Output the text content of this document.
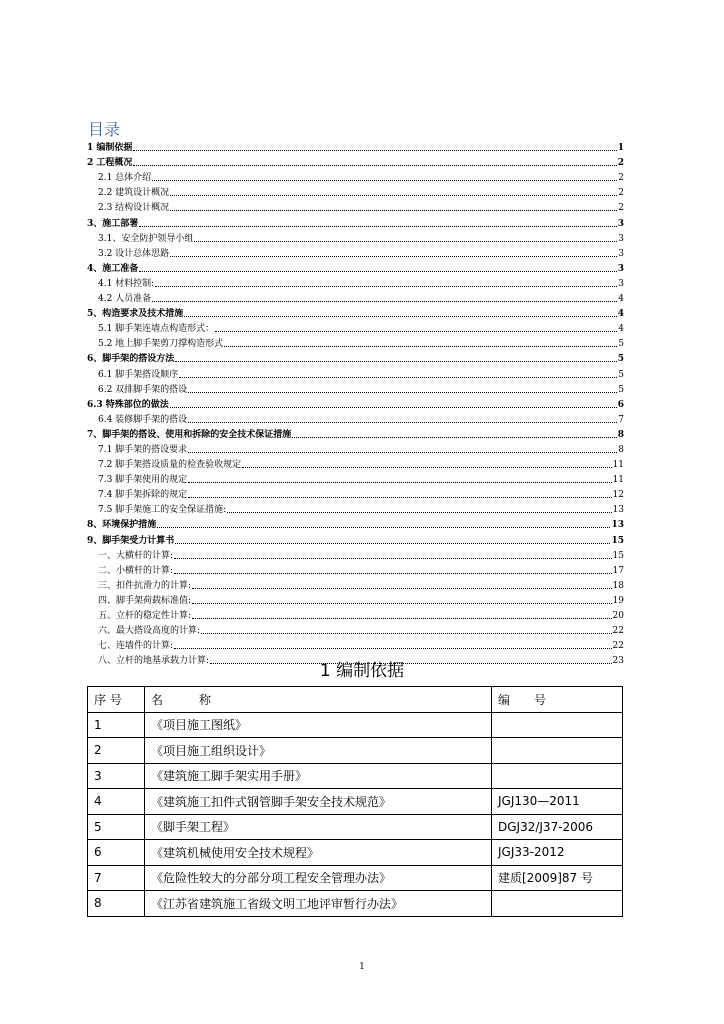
目录
1 编制依据	1
2 工程概况	2
2.1 总体介绍	2
2.2 建筑设计概况	2
2.3 结构设计概况	2
3、施工部署	3
3.1、安全防护领导小组	3
3.2 设计总体思路	3
4、施工准备	3
4.1 材料控制:	3
4.2 人员准备	4
5、构造要求及技术措施	4
5.1 脚手架连墙点构造形式：	4
5.2 地上脚手架剪刀撑构造形式	5
6、脚手架的搭设方法	5
6.1 脚手架搭设顺序	5
6.2 双排脚手架的搭设	5
6.3 特殊部位的做法	6
6.4 装修脚手架的搭设	7
7、脚手架的搭设、使用和拆除的安全技术保证措施	8
7.1 脚手架的搭设要求	8
7.2 脚手架搭设质量的检查验收规定	11
7.3 脚手架使用的规定	11
7.4 脚手架拆除的规定	12
7.5 脚手架施工的安全保证措施:	13
8、环境保护措施	13
9、脚手架受力计算书	15
一、大横杆的计算:	15
二、小横杆的计算:	17
三、扣件抗滑力的计算:	18
四、脚手架荷载标准值:	19
五、立杆的稳定性计算:	20
六、最大搭设高度的计算:	22
七、连墙件的计算:	22
八、立杆的地基承载力计算:	23
1 编制依据
序 号	名　　　称	编　　号
1	《项目施工图纸》	
2	《项目施工组织设计》	
3	《建筑施工脚手架实用手册》	
4	《建筑施工扣件式钢管脚手架安全技术规范》	JGJ130—2011
5	《脚手架工程》	DGJ32/J37-2006
6	《建筑机械使用安全技术规程》	JGJ33-2012
7	《危险性较大的分部分项工程安全管理办法》	建质[2009]87 号
8	《江苏省建筑施工省级文明工地评审暂行办法》	
1
